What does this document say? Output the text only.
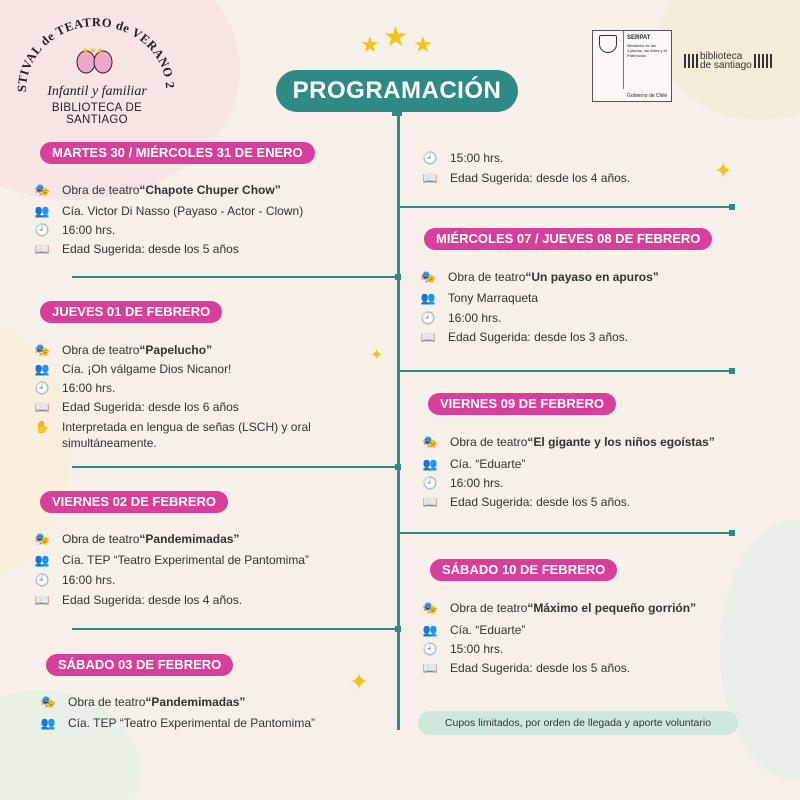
STIVAL de TEATRO de VERANO 2
★★★
Infantil y familiar
BIBLIOTECA DE SANTIAGO
★ ★ ★	SERPAT
Ministerio de las Culturas, las Artes y el Patrimonio
Gobierno de Chile
biblioteca
de santiago
PROGRAMACIÓN
✦
✦
✦
MARTES 30 / MIÉRCOLES 31 DE ENERO
🎭 Obra de teatro “Chapote Chuper Chow”
👥 Cía. Victor Di Nasso (Payaso - Actor - Clown)
🕘 16:00 hrs.
📖 Edad Sugerida: desde los 5 años
JUEVES 01 DE FEBRERO
🎭 Obra de teatro “Papelucho”
👥 Cía. ¡Oh válgame Dios Nicanor!
🕘 16:00 hrs.
📖 Edad Sugerida: desde los 6 años
✋ Interpretada en lengua de señas (LSCH) y oral simultáneamente.
VIERNES 02 DE FEBRERO
🎭 Obra de teatro “Pandemimadas”
👥 Cía. TEP “Teatro Experimental de Pantomima”
🕘 16:00 hrs.
📖 Edad Sugerida: desde los 4 años.
SÁBADO 03 DE FEBRERO
🎭 Obra de teatro “Pandemimadas”
👥 Cía. TEP “Teatro Experimental de Pantomima”
🕘 15:00 hrs.
📖 Edad Sugerida: desde los 4 años.
MIÉRCOLES 07 / JUEVES 08 DE FEBRERO
🎭 Obra de teatro “Un payaso en apuros”
👥 Tony Marraqueta
🕘 16:00 hrs.
📖 Edad Sugerida: desde los 3 años.
VIERNES 09 DE FEBRERO
🎭 Obra de teatro “El gigante y los niños egoístas”
👥 Cía. “Eduarte”
🕘 16:00 hrs.
📖 Edad Sugerida: desde los 5 años.
SÁBADO 10 DE FEBRERO
🎭 Obra de teatro “Máximo el pequeño gorrión”
👥 Cía. “Eduarte”
🕘 15:00 hrs.
📖 Edad Sugerida: desde los 5 años.
Cupos limitados, por orden de llegada y aporte voluntario
